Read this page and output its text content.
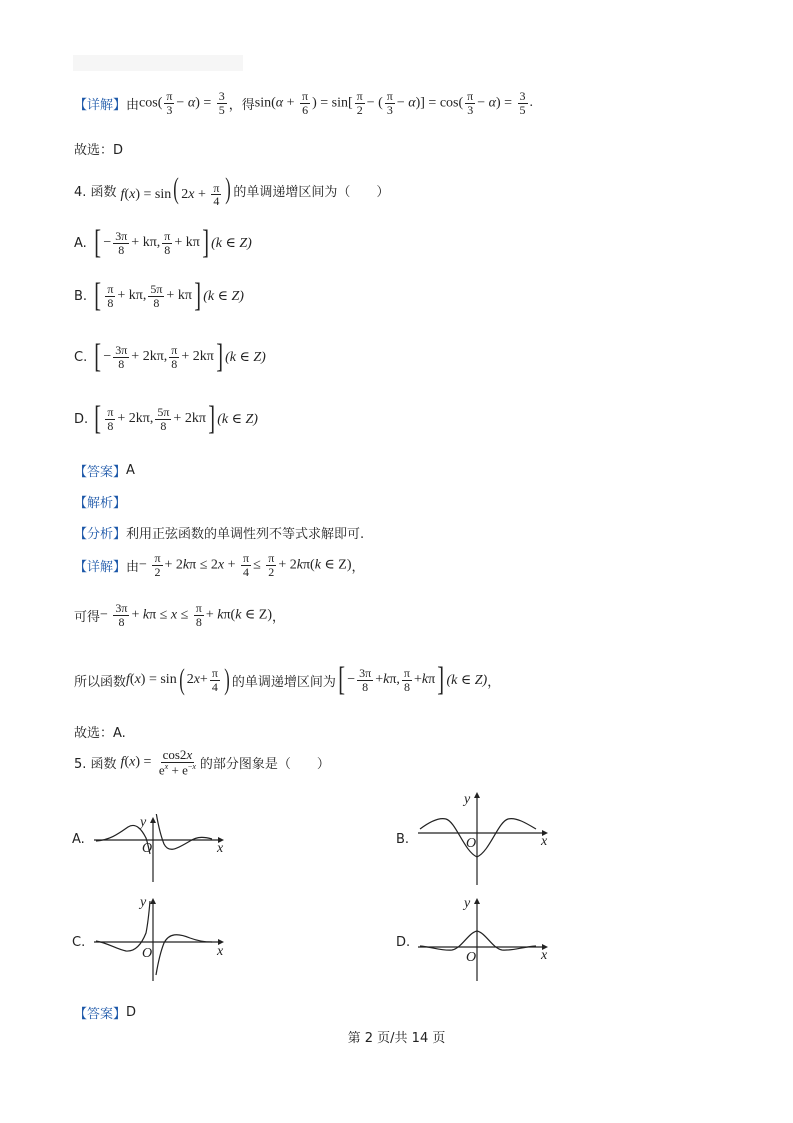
【详解】 由 $\cos( \frac{\pi}{3} - \alpha) = \frac{3}{5}$ ，得 $\sin(\alpha + \frac{\pi}{6}$ ) = $\sin[ \frac{\pi}{2}$ − ( $\frac{\pi}{3} - \alpha)] = \cos( \frac{\pi}{3} - \alpha) = \frac{3}{5}$ .
故选：D
4. 函数 f(x) = sin( $2x + \frac{\pi}{4}$ ) 的单调递增区间为（　　）
A. [ − $\frac{3\pi}{8} + k\pi$, $\frac{\pi}{8} + k\pi$ ] (k ∈ Z)
B. [ $\frac{\pi}{8} + k\pi$, $\frac{5\pi}{8} + k\pi$ ] (k ∈ Z)
C. [ − $\frac{3\pi}{8} + 2k\pi$, $\frac{\pi}{8} + 2k\pi$ ] (k ∈ Z)
D. [ $\frac{\pi}{8} + 2k\pi$, $\frac{5\pi}{8} + 2k\pi$ ] (k ∈ Z)
【答案】 A
【解析】
【分析】 利用正弦函数的单调性列不等式求解即可.
【详解】 由 − $\frac{\pi}{2} + 2k\pi \le 2x + \frac{\pi}{4} \le \frac{\pi}{2} + 2k\pi(k$ ∈ Z) ，
可得 − $\frac{3\pi}{8} + k\pi \le x \le \frac{\pi}{8} + k\pi(k$ ∈ Z) ，
所以函数 f ( x ) = sin ( 2 $x + \frac{\pi}{4}$ ) 的单调递增区间为 [ − $\frac{3\pi}{8} + k$ π, $\frac{\pi}{8} + k$ π ] (k ∈ Z) ，
故选：A.
5. 函数 $f(x) = \frac{\cos 2x}{e^x + e^{-x}}$ 的部分图象是（　　）
A.
O	x
y
B.	O	x
y
C.
O	x
y
D.
O	x
y
【答案】 D
第 2 页/共 14 页
